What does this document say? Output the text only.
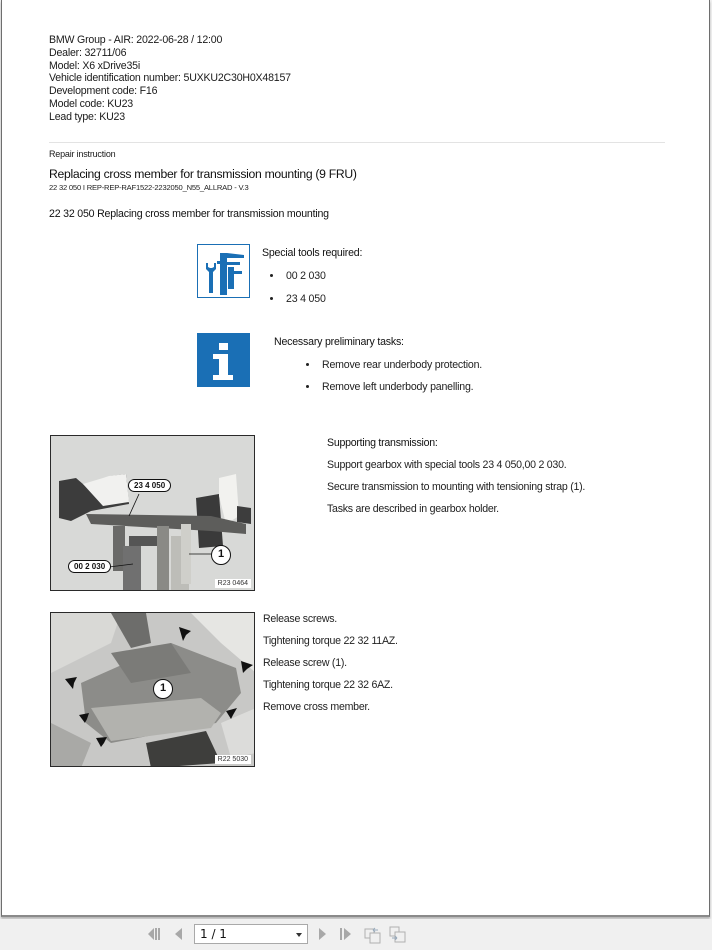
BMW Group - AIR: 2022-06-28 / 12:00
Dealer: 32711/06
Model: X6 xDrive35i
Vehicle identification number: 5UXKU2C30H0X48157
Development code: F16
Model code: KU23
Lead type: KU23
Repair instruction
Replacing cross member for transmission mounting (9 FRU)
22 32 050 I REP-REP-RAF1522-2232050_N55_ALLRAD - V.3
22 32 050 Replacing cross member for transmission mounting
Special tools required:
00 2 030
23 4 050
Necessary preliminary tasks:
Remove rear underbody protection.
Remove left underbody panelling.
23 4 050
00 2 030
1
R23 0464
Supporting transmission:
Support gearbox with special tools 23 4 050,00 2 030.
Secure transmission to mounting with tensioning strap (1).
Tasks are described in gearbox holder.
1
R22 5030
Release screws.
Tightening torque 22 32 11AZ.
Release screw (1).
Tightening torque 22 32 6AZ.
Remove cross member.
1 / 1
